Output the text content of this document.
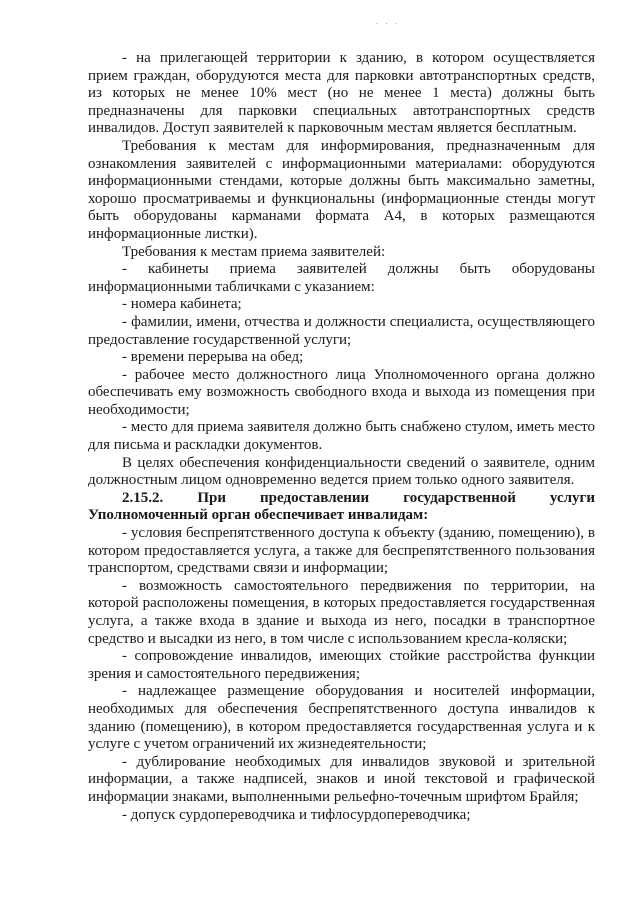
. . .

- на прилегающей территории к зданию, в котором осуществляется прием граждан, оборудуются места для парковки автотранспортных средств, из которых не менее 10% мест (но не менее 1 места) должны быть предназначены для парковки специальных автотранспортных средств инвалидов. Доступ заявителей к парковочным местам является бесплатным.

Требования к местам для информирования, предназначенным для ознакомления заявителей с информационными материалами: оборудуются информационными стендами, которые должны быть максимально заметны, хорошо просматриваемы и функциональны (информационные стенды могут быть оборудованы карманами формата А4, в которых размещаются информационные листки).

Требования к местам приема заявителей:

- кабинеты приема заявителей должны быть оборудованы информационными табличками с указанием:

- номера кабинета;

- фамилии, имени, отчества и должности специалиста, осуществляющего предоставление государственной услуги;

- времени перерыва на обед;

- рабочее место должностного лица Уполномоченного органа должно обеспечивать ему возможность свободного входа и выхода из помещения при необходимости;

- место для приема заявителя должно быть снабжено стулом, иметь место для письма и раскладки документов.

В целях обеспечения конфиденциальности сведений о заявителе, одним должностным лицом одновременно ведется прием только одного заявителя.

2.15.2. При предоставлении государственной услуги Уполномоченный орган обеспечивает инвалидам:

- условия беспрепятственного доступа к объекту (зданию, помещению), в котором предоставляется услуга, а также для беспрепятственного пользования транспортом, средствами связи и информации;

- возможность самостоятельного передвижения по территории, на которой расположены помещения, в которых предоставляется государственная услуга, а также входа в здание и выхода из него, посадки в транспортное средство и высадки из него, в том числе с использованием кресла-коляски;

- сопровождение инвалидов, имеющих стойкие расстройства функции зрения и самостоятельного передвижения;

- надлежащее размещение оборудования и носителей информации, необходимых для обеспечения беспрепятственного доступа инвалидов к зданию (помещению), в котором предоставляется государственная услуга и к услуге с учетом ограничений их жизнедеятельности;

- дублирование необходимых для инвалидов звуковой и зрительной информации, а также надписей, знаков и иной текстовой и графической информации знаками, выполненными рельефно-точечным шрифтом Брайля;

- допуск сурдопереводчика и тифлосурдопереводчика;
